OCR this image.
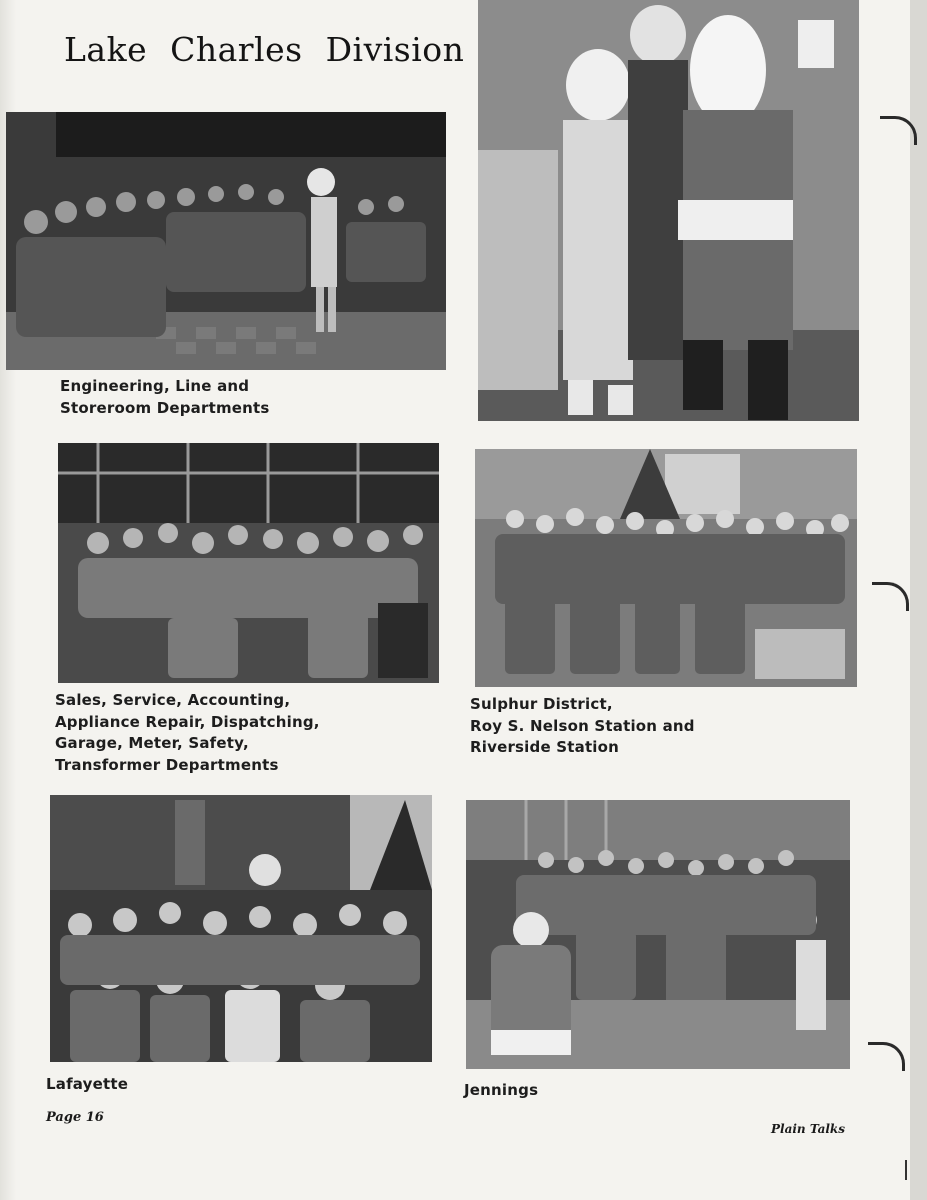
Lake Charles Division
Engineering, Line and
Storeroom Departments
Sales, Service, Accounting,
Appliance Repair, Dispatching,
Garage, Meter, Safety,
Transformer Departments
Sulphur District,
Roy S. Nelson Station and
Riverside Station
Lafayette	Jennings
Page 16
Plain Talks
